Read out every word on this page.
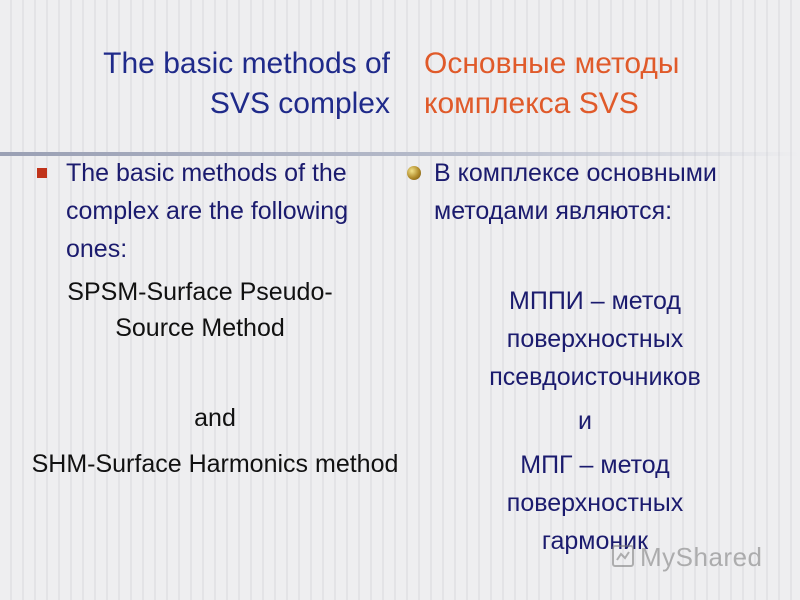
The basic methods of SVS complex
Основные методы комплекса SVS
The basic methods of the complex are the following ones:
SPSM-Surface Pseudo- Source Method
and
SHM-Surface Harmonics method
В комплексе основными методами являются:
МППИ – метод поверхностных псевдоисточников
и
МПГ – метод поверхностных гармоник
MyShared
